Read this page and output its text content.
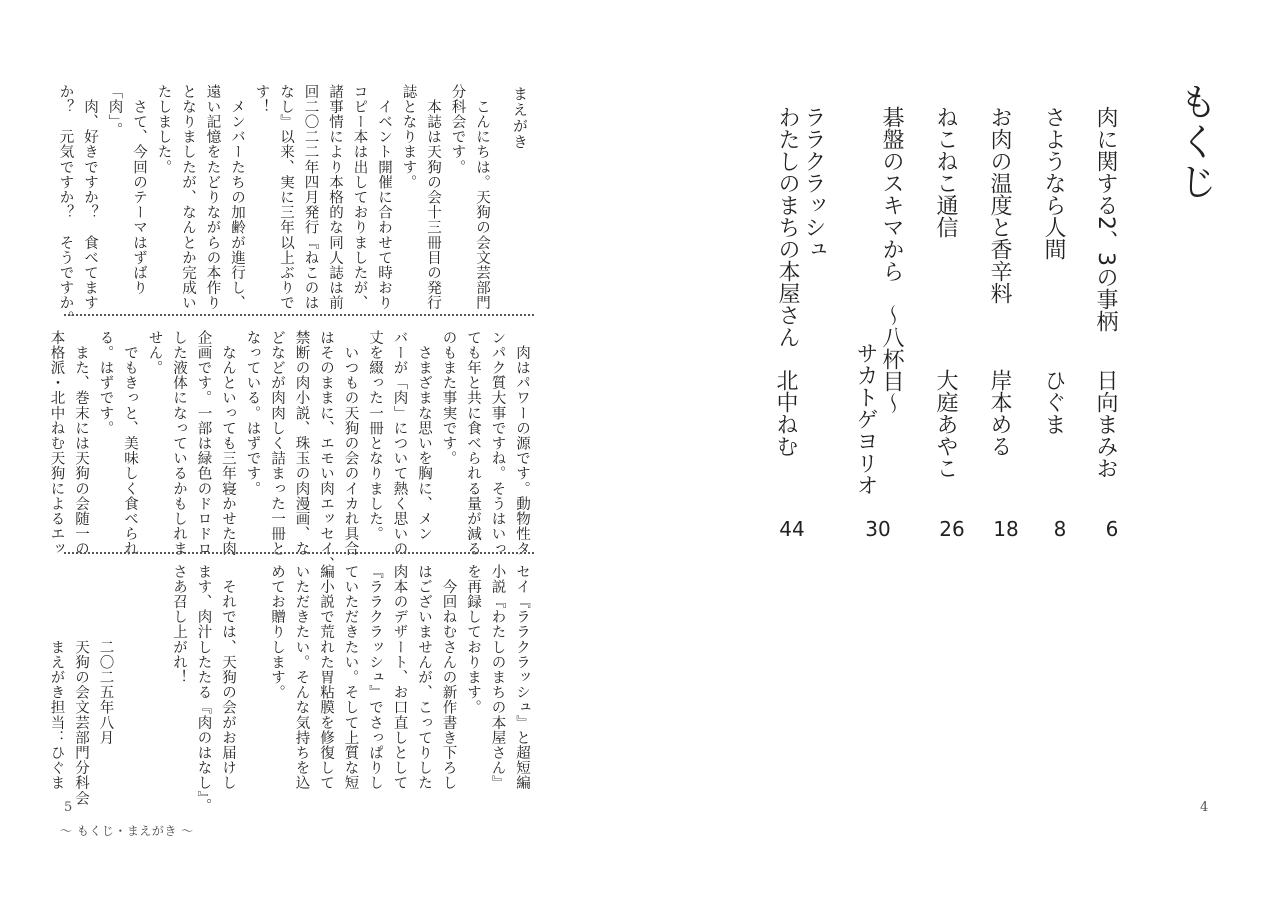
もくじ
肉に関する2、3の事柄
日向まみお
6
さようなら人間
ひぐま
8
お肉の温度と香辛料
岸本める
18
ねこねこ通信
大庭あやこ
26
碁盤のスキマから　～八杯目～
サカトゲヨリオ
30
ララクラッシュ
わたしのまちの本屋さん
北中ねむ
44
まえがき
　こんにちは。天狗の会文芸部門
分科会です。
　本誌は天狗の会十三冊目の発行
誌となります。
　イベント開催に合わせて時おり
コピー本は出しておりましたが、
諸事情により本格的な同人誌は前
回二〇二二年四月発行『ねこのは
なし』以来、実に三年以上ぶりで
す！
　メンバーたちの加齢が進行し、
遠い記憶をたどりながらの本作り
となりましたが、なんとか完成い
たしました。
　さて、今回のテーマはずばり
「肉」。
　肉、好きですか？　食べてます
か？　元気ですか？　そうですか。
　肉はパワーの源です。動物性タ
ンパク質大事ですね。そうはいっ
ても年と共に食べられる量が減る
のもまた事実です。
　さまざまな思いを胸に、メン
バーが「肉」について熱く思いの
丈を綴った一冊となりました。
　いつもの天狗の会のイカれ具合
はそのままに、エモい肉エッセイ、
禁断の肉小説、珠玉の肉漫画、な
どなどが肉肉しく詰まった一冊と
なっている。はずです。
　なんといっても三年寝かせた肉
企画です。一部は緑色のドロドロ
した液体になっているかもしれま
せん。
　でもきっと、美味しく食べられ
る。はずです。
　また、巻末には天狗の会随一の
本格派・北中ねむ天狗によるエッ
セイ『ララクラッシュ』と超短編
小説『わたしのまちの本屋さん』
を再録しております。
　今回ねむさんの新作書き下ろし
はございませんが、こってりした
肉本のデザート、お口直しとして
『ララクラッシュ』でさっぱりし
ていただきたい。そして上質な短
編小説で荒れた胃粘膜を修復して
いただきたい。そんな気持ちを込
めてお贈りします。

　それでは、天狗の会がお届けし
ます、肉汁したたる『肉のはなし』。
さあ召し上がれ！

　　　　　二〇二五年八月
　　　　　天狗の会文芸部門分科会
　　　　　まえがき担当：ひぐま
5	4
～ もくじ・まえがき ～
